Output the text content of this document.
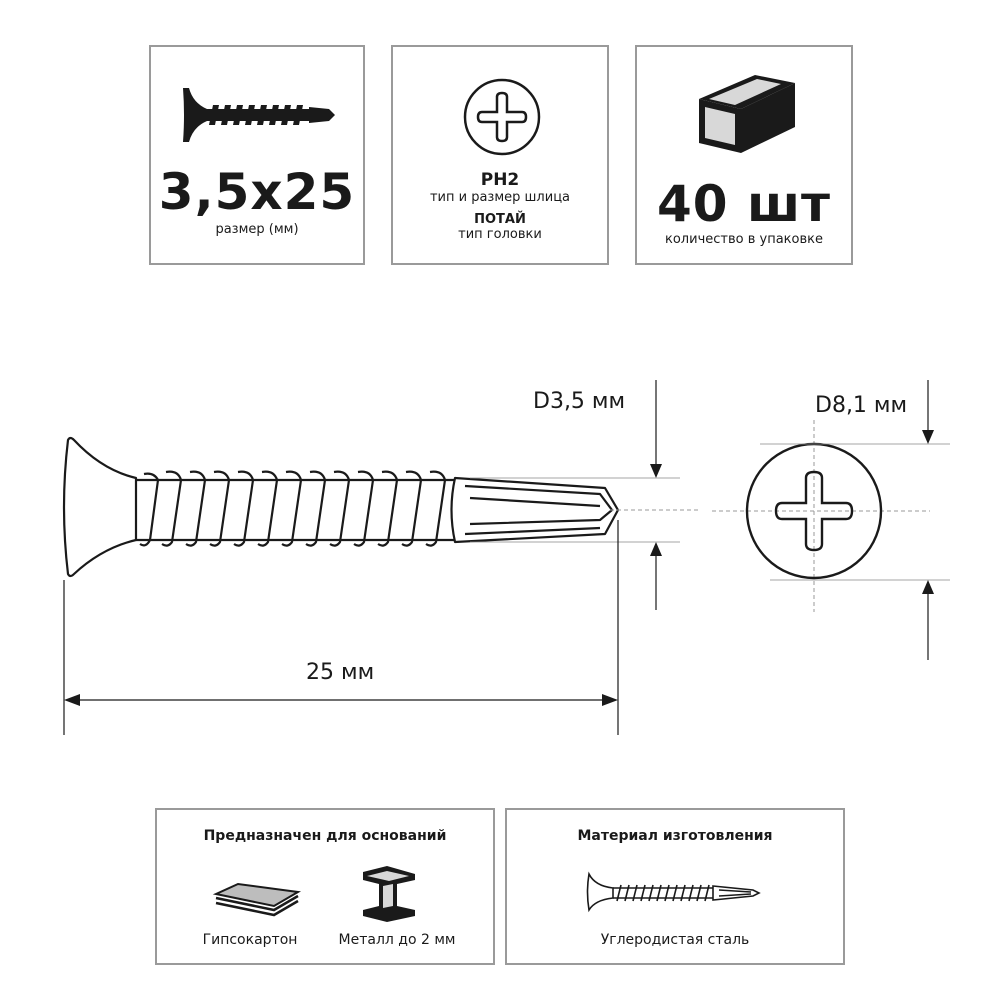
3,5x25
размер (мм)
PH2
тип и размер шлица
ПОТАЙ
тип головки
40 шт
количество в упаковке
D3,5 мм	D8,1 мм
25 мм
Предназначен для оснований
Гипсокартон	Металл до 2 мм
Материал изготовления
Углеродистая сталь
